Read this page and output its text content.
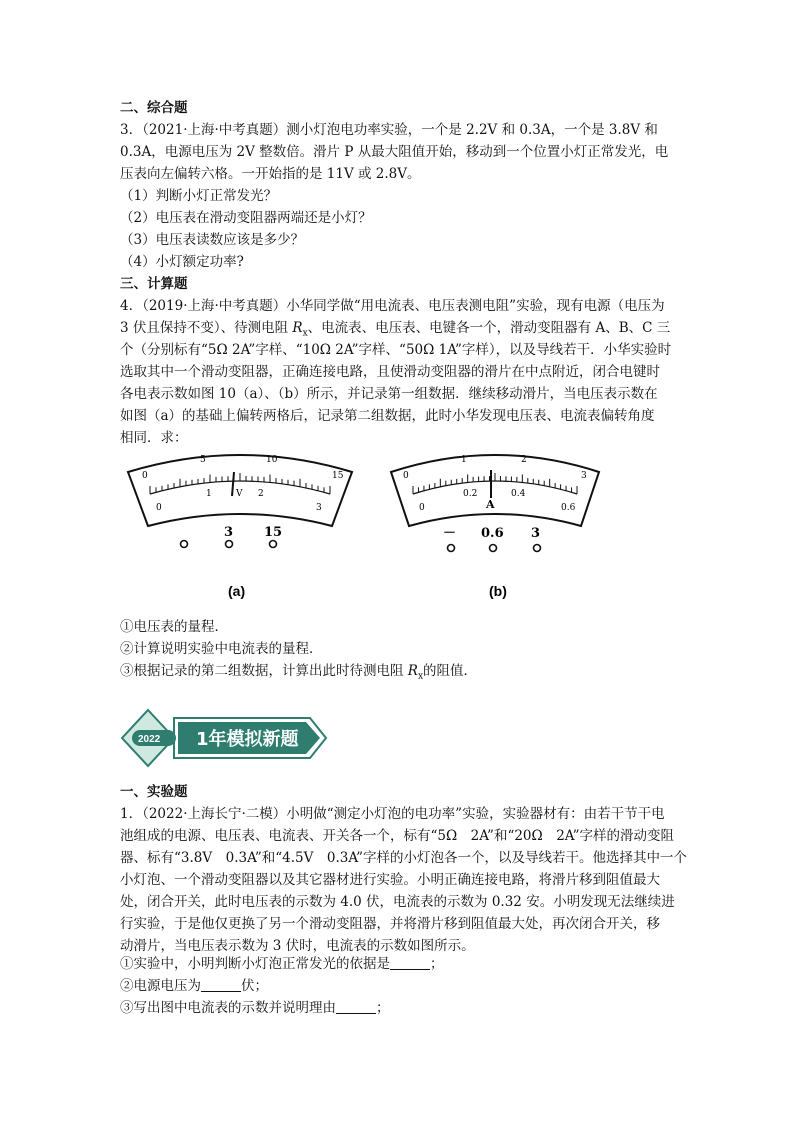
二、综合题
3．（2021·上海·中考真题）测小灯泡电功率实验，一个是 2.2V 和 0.3A，一个是 3.8V 和
0.3A，电源电压为 2V 整数倍。滑片 P 从最大阻值开始，移动到一个位置小灯正常发光，电
压表向左偏转六格。一开始指的是 11V 或 2.8V。
（1）判断小灯正常发光？
（2）电压表在滑动变阻器两端还是小灯？
（3）电压表读数应该是多少？
（4）小灯额定功率?
三、计算题
4．（2019·上海·中考真题）小华同学做“用电流表、电压表测电阻”实验，现有电源（电压为
3 伏且保持不变）、待测电阻 $R_x$、电流表、电压表、电键各一个，滑动变阻器有 A、B、C 三
个（分别标有“5Ω 2A”字样、“10Ω 2A”字样、“50Ω 1A”字样），以及导线若干．小华实验时
选取其中一个滑动变阻器，正确连接电路，且使滑动变阻器的滑片在中点附近，闭合电键时
各电表示数如图 10（a）、（b）所示，并记录第一组数据．继续移动滑片，当电压表示数在
如图（a）的基础上偏转两格后，记录第二组数据，此时小华发现电压表、电流表偏转角度
相同．求：
0
5	10
15
0
1	2
3
V
3 15
(a)
0
1	2
3
0
0.2	0.4
0.6
A
－ 0.6 3
(b)
①电压表的量程．
②计算说明实验中电流表的量程．
③根据记录的第二组数据，计算出此时待测电阻 $R_x$的阻值．
2022 1年模拟新题
一、实验题
1．（2022·上海长宁·二模）小明做“测定小灯泡的电功率”实验，实验器材有：由若干节干电
池组成的电源、电压表、电流表、开关各一个，标有“5Ω　2A”和“20Ω　2A”字样的滑动变阻
器、标有“3.8V　0.3A”和“4.5V　0.3A”字样的小灯泡各一个，以及导线若干。他选择其中一个
小灯泡、一个滑动变阻器以及其它器材进行实验。小明正确连接电路，将滑片移到阻值最大
处，闭合开关，此时电压表的示数为 4.0 伏，电流表的示数为 0.32 安。小明发现无法继续进
行实验，于是他仅更换了另一个滑动变阻器，并将滑片移到阻值最大处，再次闭合开关，移
动滑片，当电压表示数为 3 伏时，电流表的示数如图所示。
①实验中，小明判断小灯泡正常发光的依据是	；
②电源电压为	伏；
③写出图中电流表的示数并说明理由	；
